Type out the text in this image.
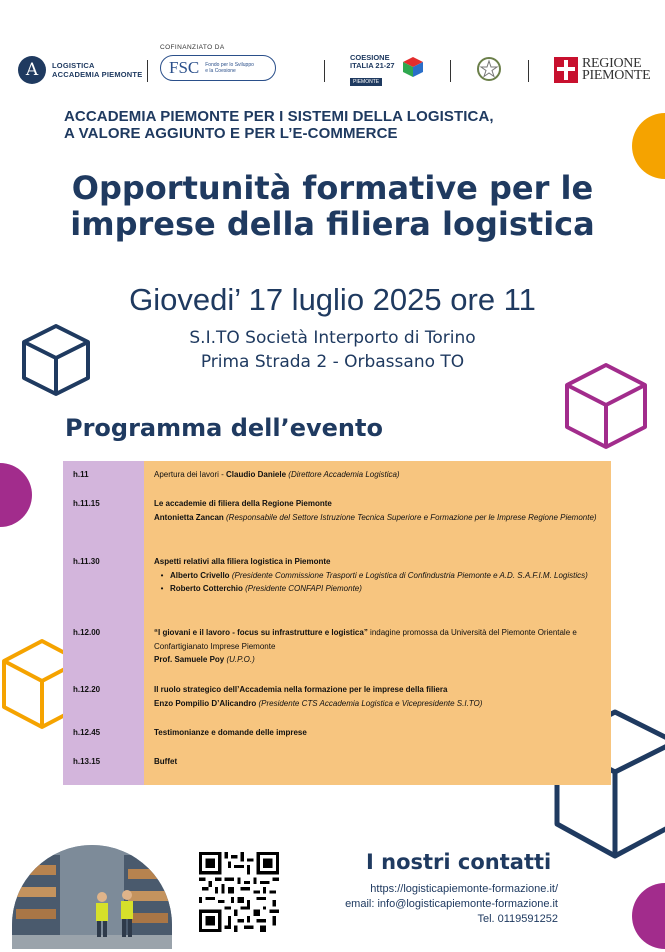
A	LOGISTICA
ACCADEMIA PIEMONTE
COFINANZIATO DA
FSC Fondo per lo Sviluppo
e la Coesione
COESIONE
ITALIA 21-27
PIEMONTE
REGIONE
PIEMONTE
ACCADEMIA PIEMONTE PER I SISTEMI DELLA LOGISTICA,
A VALORE AGGIUNTO E PER L’E-COMMERCE
Opportunità formative per le
imprese della filiera logistica
Giovedi’ 17 luglio 2025 ore 11
S.I.TO Società Interporto di Torino
Prima Strada 2 - Orbassano TO
Programma dell’evento
h.11	Apertura dei lavori - Claudio Daniele (Direttore Accademia Logistica)
h.11.15	Le accademie di filiera della Regione Piemonte
Antonietta Zancan (Responsabile del Settore Istruzione Tecnica Superiore e Formazione per le Imprese Regione Piemonte)
h.11.30	Aspetti relativi alla filiera logistica in Piemonte
• Alberto Crivello (Presidente Commissione Trasporti e Logistica di Confindustria Piemonte e A.D. S.A.F.I.M. Logistics)
• Roberto Cotterchio (Presidente CONFAPI Piemonte)
h.12.00	“I giovani e il lavoro - focus su infrastrutture e logistica” indagine promossa da Università del Piemonte Orientale e Confartigianato Imprese Piemonte
Prof. Samuele Poy (U.P.O.)
h.12.20	Il ruolo strategico dell’Accademia nella formazione per le imprese della filiera
Enzo Pompilio D’Alicandro (Presidente CTS Accademia Logistica e Vicepresidente S.I.TO)
h.12.45	Testimonianze e domande delle imprese
h.13.15	Buffet
I nostri contatti
https://logisticapiemonte-formazione.it/
email: info@logisticapiemonte-formazione.it
Tel. 0119591252
